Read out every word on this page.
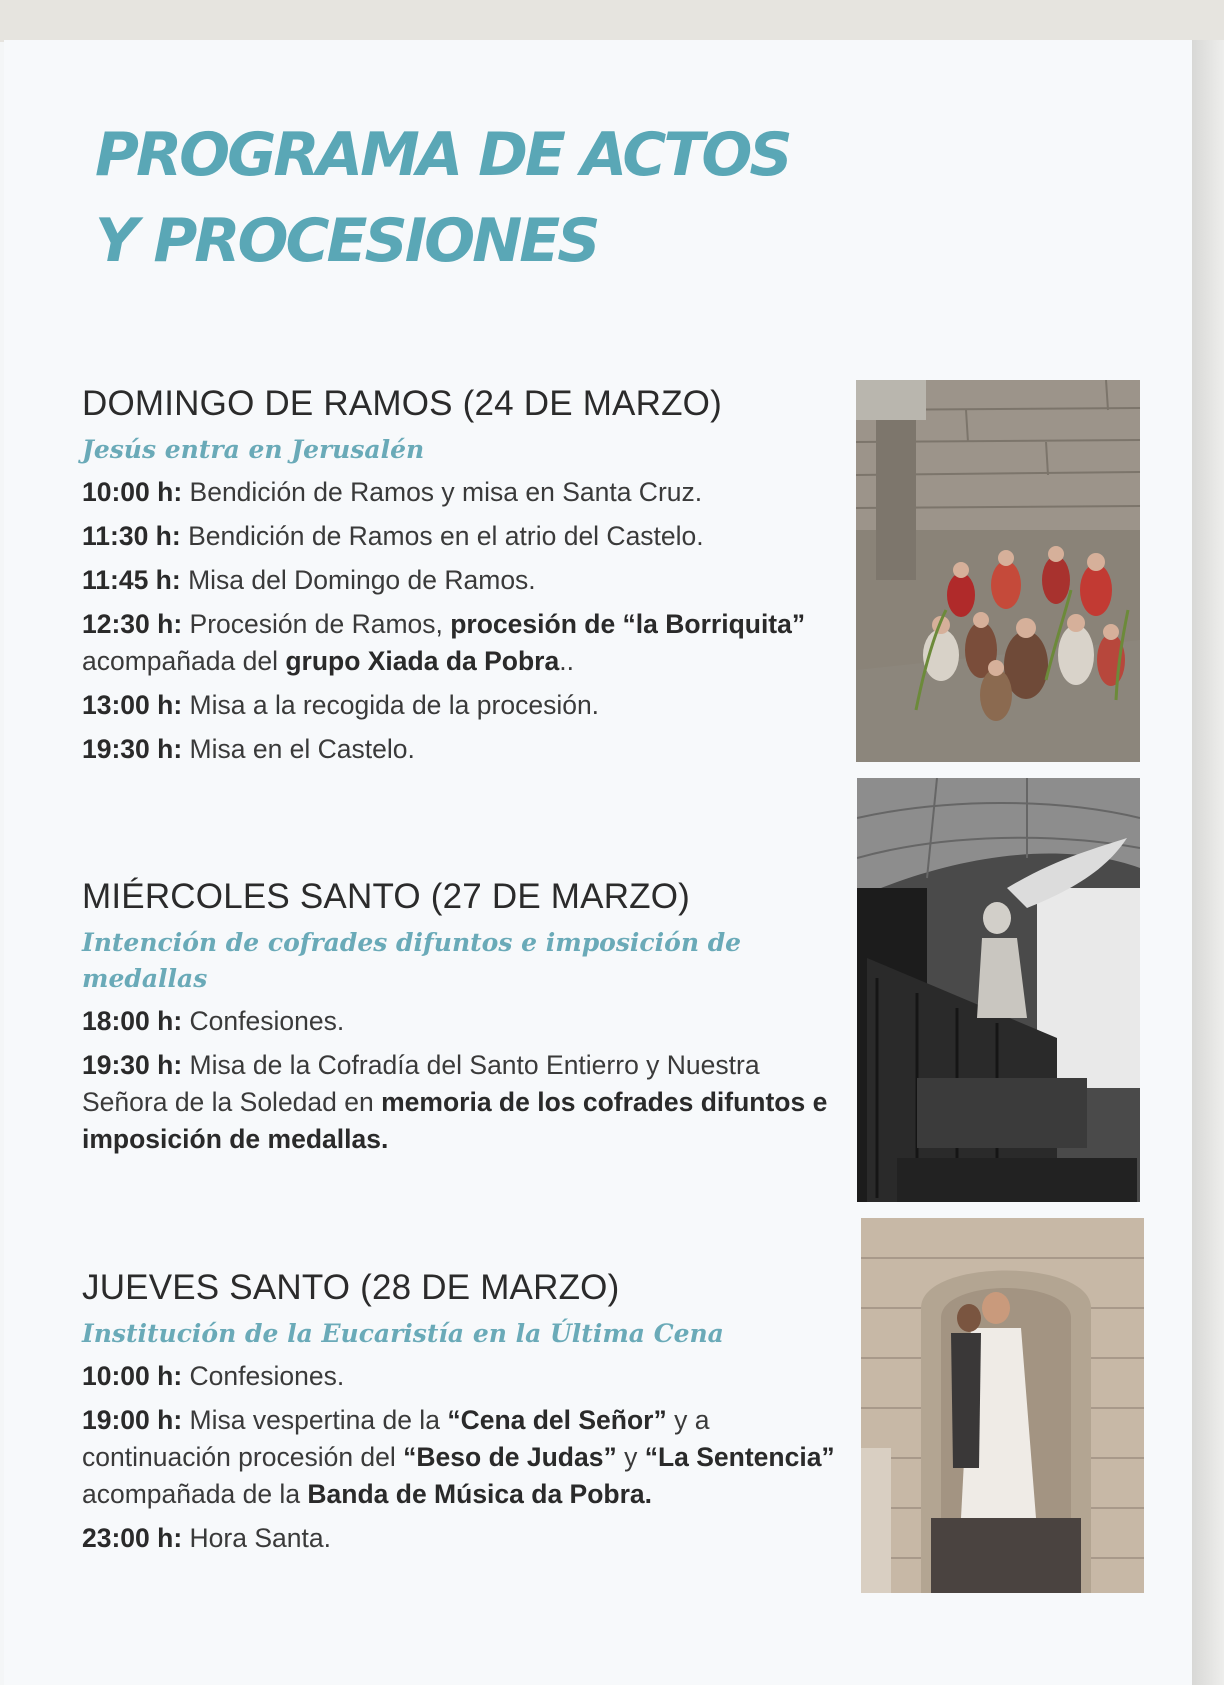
PROGRAMA DE ACTOS
Y PROCESIONES
DOMINGO DE RAMOS (24 DE MARZO)
Jesús entra en Jerusalén
10:00 h: Bendición de Ramos y misa en Santa Cruz.
11:30 h: Bendición de Ramos en el atrio del Castelo.
11:45 h: Misa del Domingo de Ramos.
12:30 h: Procesión de Ramos, procesión de “la Borriquita” acompañada del grupo Xiada da Pobra..
13:00 h: Misa a la recogida de la procesión.
19:30 h: Misa en el Castelo.
MIÉRCOLES SANTO (27 DE MARZO)
Intención de cofrades difuntos e imposición de medallas
18:00 h: Confesiones.
19:30 h: Misa de la Cofradía del Santo Entierro y Nuestra Señora de la Soledad en memoria de los cofrades difuntos e imposición de medallas.
JUEVES SANTO (28 DE MARZO)
Institución de la Eucaristía en la Última Cena
10:00 h: Confesiones.
19:00 h: Misa vespertina de la “Cena del Señor” y a continuación procesión del “Beso de Judas” y “La Sentencia” acompañada de la Banda de Música da Pobra.
23:00 h: Hora Santa.
